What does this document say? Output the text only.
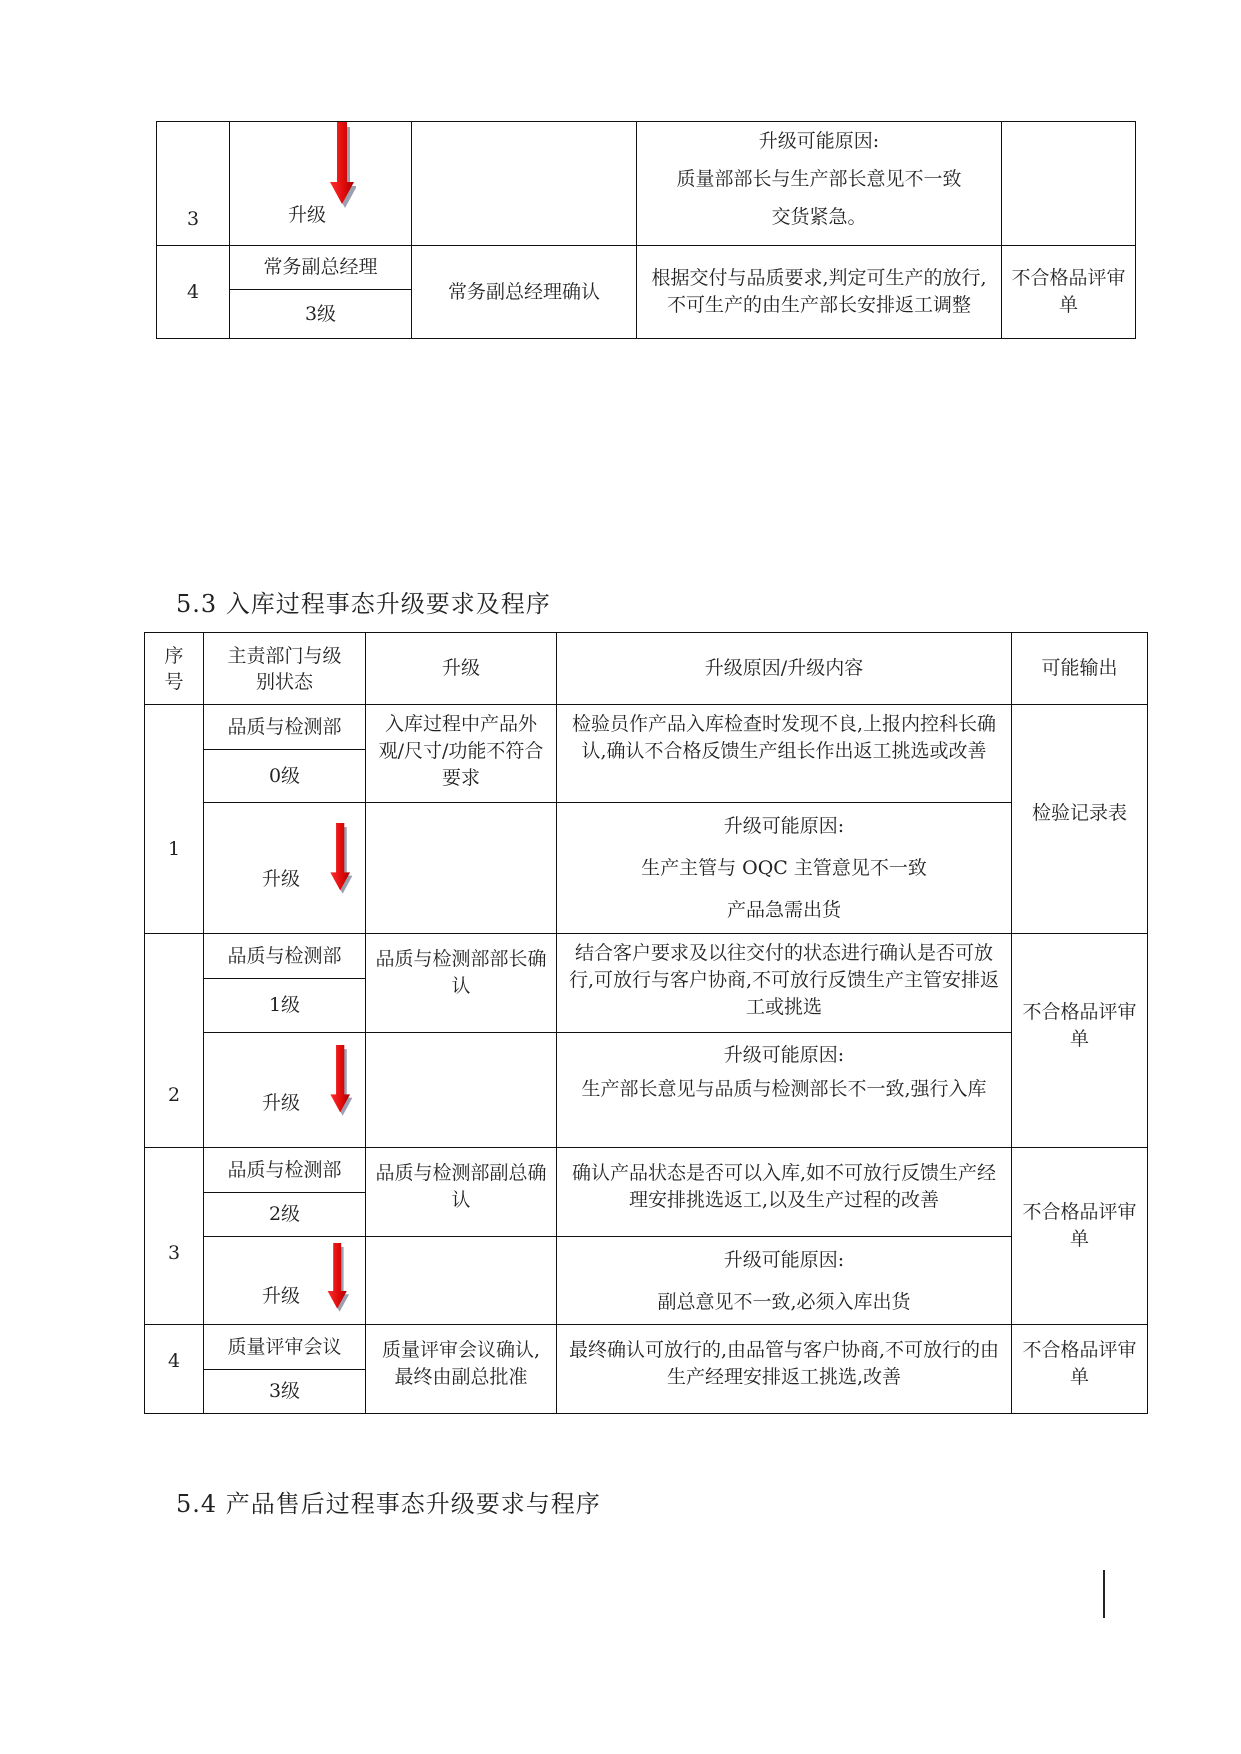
3	升级		升级可能原因:

质量部部长与生产部长意见不一致

交货紧急。	

4	常务副总经理	常务副总经理确认	根据交付与品质要求,判定可生产的放行,不可生产的由生产部长安排返工调整	不合格品评审单
	3级			
5.3 入库过程事态升级要求及程序
序号	主责部门与级别状态	升级	升级原因/升级内容	可能输出
1	品质与检测部	入库过程中产品外观/尺寸/功能不符合要求	检验员作产品入库检查时发现不良,上报内控科长确认,确认不合格反馈生产组长作出返工挑选或改善	检验记录表
	0级			

	升级		升级可能原因:

生产主管与 OQC 主管意见不一致

产品急需出货	

2	品质与检测部	品质与检测部部长确认	结合客户要求及以往交付的状态进行确认是否可放行,可放行与客户协商,不可放行反馈生产主管安排返工或挑选	不合格品评审单
	1级			

	升级		升级可能原因:

生产部长意见与品质与检测部长不一致,强行入库	

3	品质与检测部	品质与检测部副总确认	确认产品状态是否可以入库,如不可放行反馈生产经理安排挑选返工,以及生产过程的改善	不合格品评审单
	2级			

	升级		升级可能原因:

副总意见不一致,必须入库出货	

4	质量评审会议	质量评审会议确认,最终由副总批准	最终确认可放行的,由品管与客户协商,不可放行的由生产经理安排返工挑选,改善	不合格品评审单
	3级			
5.4 产品售后过程事态升级要求与程序
